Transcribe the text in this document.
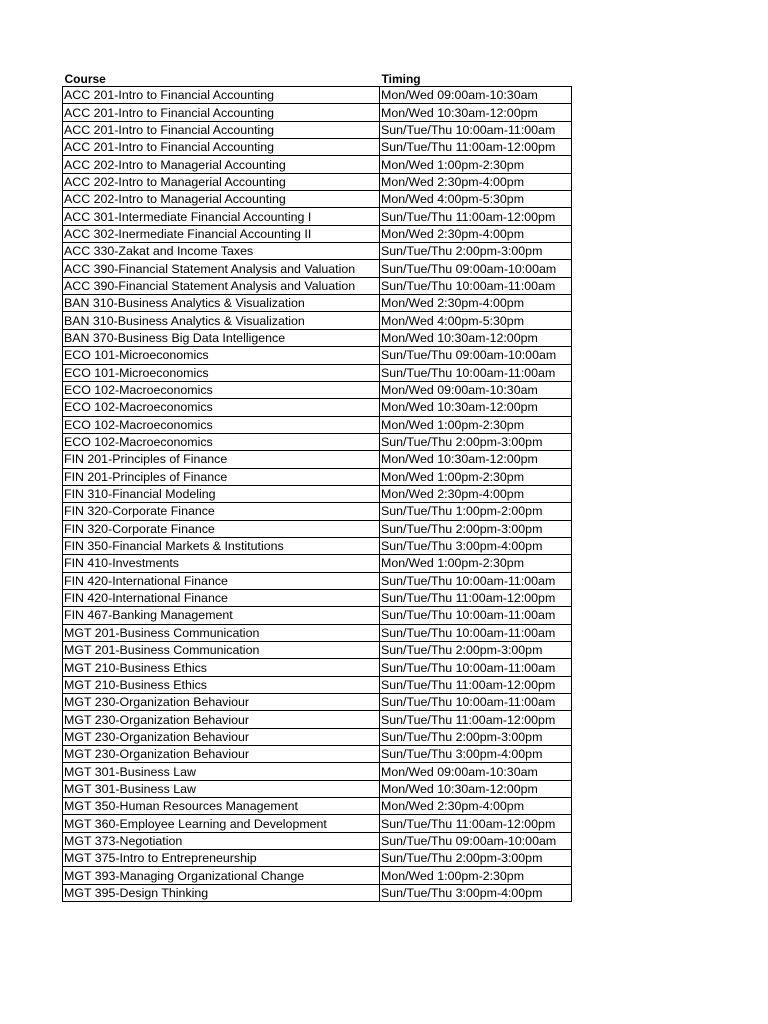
Course	Timing
ACC 201-Intro to Financial Accounting	Mon/Wed 09:00am-10:30am
ACC 201-Intro to Financial Accounting	Mon/Wed 10:30am-12:00pm
ACC 201-Intro to Financial Accounting	Sun/Tue/Thu 10:00am-11:00am
ACC 201-Intro to Financial Accounting	Sun/Tue/Thu 11:00am-12:00pm
ACC 202-Intro to Managerial Accounting	Mon/Wed 1:00pm-2:30pm
ACC 202-Intro to Managerial Accounting	Mon/Wed 2:30pm-4:00pm
ACC 202-Intro to Managerial Accounting	Mon/Wed 4:00pm-5:30pm
ACC 301-Intermediate Financial Accounting I	Sun/Tue/Thu 11:00am-12:00pm
ACC 302-Inermediate Financial Accounting II	Mon/Wed 2:30pm-4:00pm
ACC 330-Zakat and Income Taxes	Sun/Tue/Thu 2:00pm-3:00pm
ACC 390-Financial Statement Analysis and Valuation	Sun/Tue/Thu 09:00am-10:00am
ACC 390-Financial Statement Analysis and Valuation	Sun/Tue/Thu 10:00am-11:00am
BAN 310-Business Analytics & Visualization	Mon/Wed 2:30pm-4:00pm
BAN 310-Business Analytics & Visualization	Mon/Wed 4:00pm-5:30pm
BAN 370-Business Big Data Intelligence	Mon/Wed 10:30am-12:00pm
ECO 101-Microeconomics	Sun/Tue/Thu 09:00am-10:00am
ECO 101-Microeconomics	Sun/Tue/Thu 10:00am-11:00am
ECO 102-Macroeconomics	Mon/Wed 09:00am-10:30am
ECO 102-Macroeconomics	Mon/Wed 10:30am-12:00pm
ECO 102-Macroeconomics	Mon/Wed 1:00pm-2:30pm
ECO 102-Macroeconomics	Sun/Tue/Thu 2:00pm-3:00pm
FIN 201-Principles of Finance	Mon/Wed 10:30am-12:00pm
FIN 201-Principles of Finance	Mon/Wed 1:00pm-2:30pm
FIN 310-Financial Modeling	Mon/Wed 2:30pm-4:00pm
FIN 320-Corporate Finance	Sun/Tue/Thu 1:00pm-2:00pm
FIN 320-Corporate Finance	Sun/Tue/Thu 2:00pm-3:00pm
FIN 350-Financial Markets & Institutions	Sun/Tue/Thu 3:00pm-4:00pm
FIN 410-Investments	Mon/Wed 1:00pm-2:30pm
FIN 420-International Finance	Sun/Tue/Thu 10:00am-11:00am
FIN 420-International Finance	Sun/Tue/Thu 11:00am-12:00pm
FIN 467-Banking Management	Sun/Tue/Thu 10:00am-11:00am
MGT 201-Business Communication	Sun/Tue/Thu 10:00am-11:00am
MGT 201-Business Communication	Sun/Tue/Thu 2:00pm-3:00pm
MGT 210-Business Ethics	Sun/Tue/Thu 10:00am-11:00am
MGT 210-Business Ethics	Sun/Tue/Thu 11:00am-12:00pm
MGT 230-Organization Behaviour	Sun/Tue/Thu 10:00am-11:00am
MGT 230-Organization Behaviour	Sun/Tue/Thu 11:00am-12:00pm
MGT 230-Organization Behaviour	Sun/Tue/Thu 2:00pm-3:00pm
MGT 230-Organization Behaviour	Sun/Tue/Thu 3:00pm-4:00pm
MGT 301-Business Law	Mon/Wed 09:00am-10:30am
MGT 301-Business Law	Mon/Wed 10:30am-12:00pm
MGT 350-Human Resources Management	Mon/Wed 2:30pm-4:00pm
MGT 360-Employee Learning and Development	Sun/Tue/Thu 11:00am-12:00pm
MGT 373-Negotiation	Sun/Tue/Thu 09:00am-10:00am
MGT 375-Intro to Entrepreneurship	Sun/Tue/Thu 2:00pm-3:00pm
MGT 393-Managing Organizational Change	Mon/Wed 1:00pm-2:30pm
MGT 395-Design Thinking	Sun/Tue/Thu 3:00pm-4:00pm
